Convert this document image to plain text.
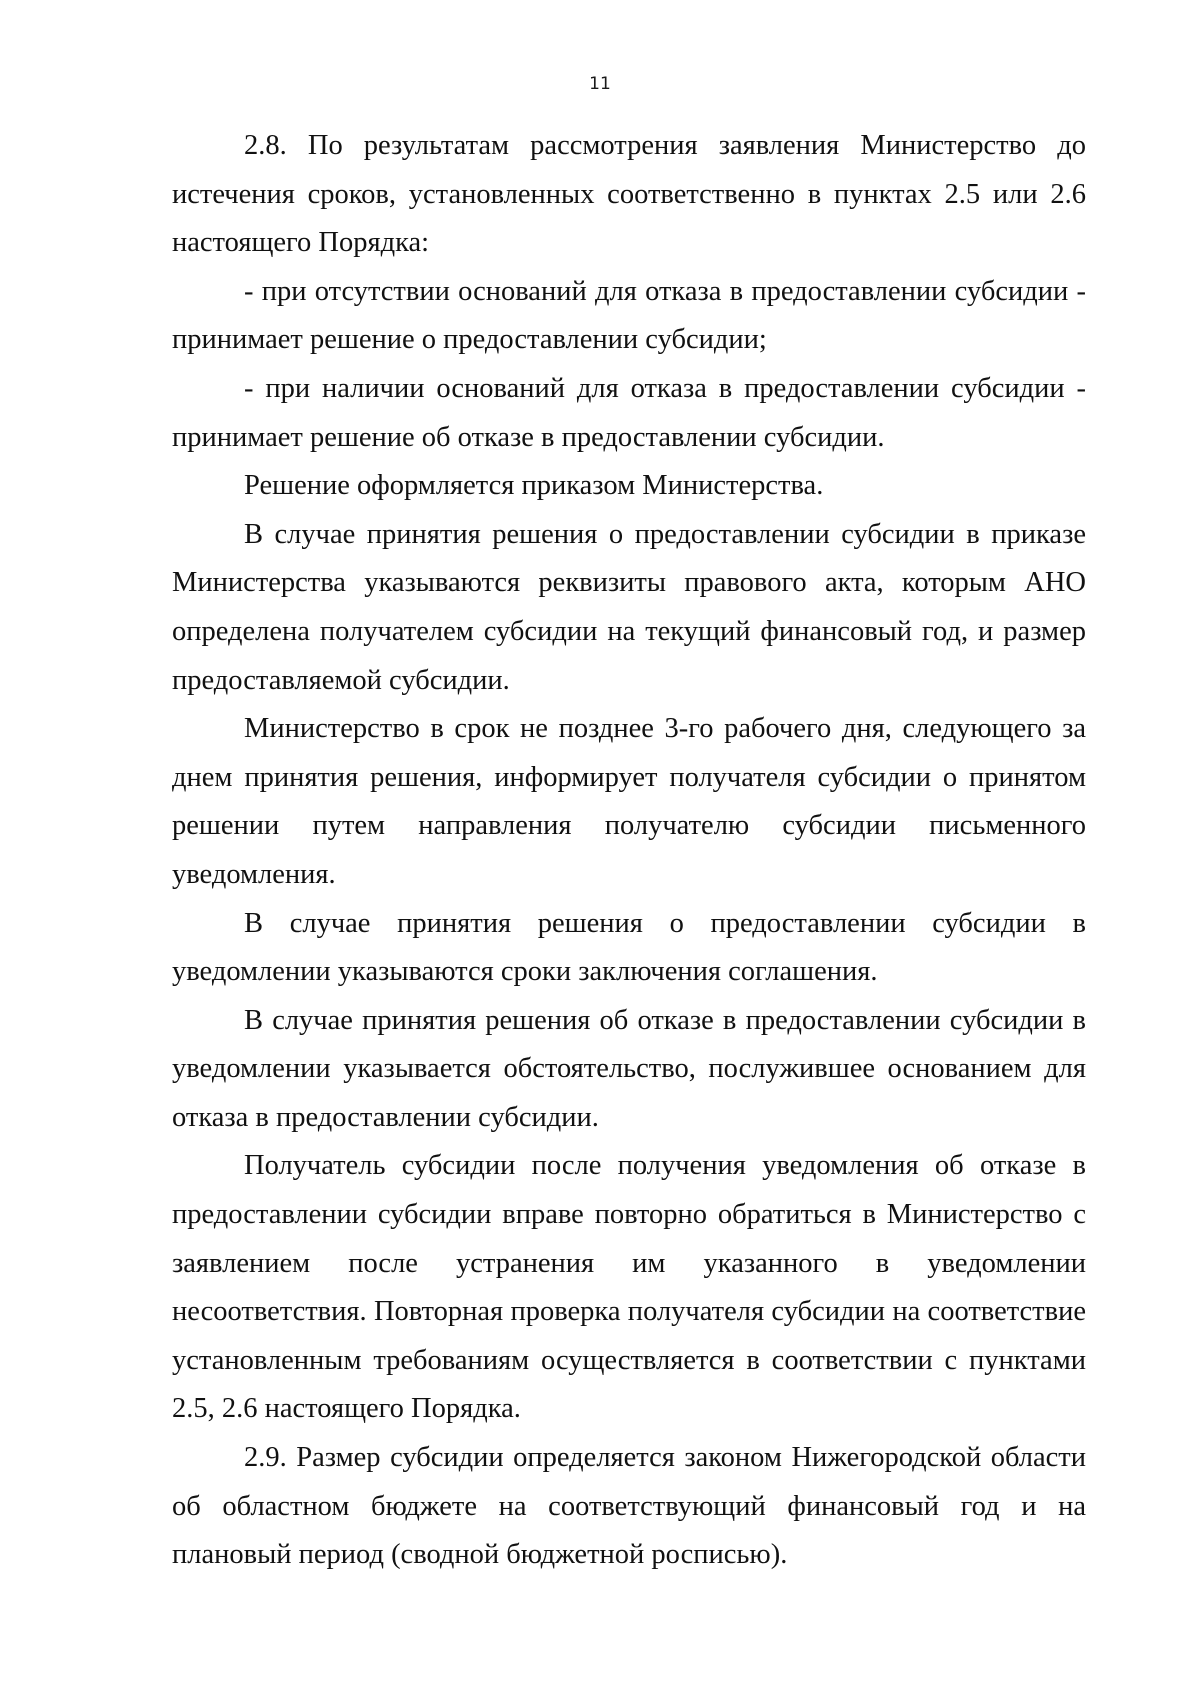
11

2.8. По результатам рассмотрения заявления Министерство до истечения сроков, установленных соответственно в пунктах 2.5 или 2.6 настоящего Порядка:

- при отсутствии оснований для отказа в предоставлении субсидии - принимает решение о предоставлении субсидии;

- при наличии оснований для отказа в предоставлении субсидии - принимает решение об отказе в предоставлении субсидии.

Решение оформляется приказом Министерства.

В случае принятия решения о предоставлении субсидии в приказе Министерства указываются реквизиты правового акта, которым АНО определена получателем субсидии на текущий финансовый год, и размер предоставляемой субсидии.

Министерство в срок не позднее 3-го рабочего дня, следующего за днем принятия решения, информирует получателя субсидии о принятом решении путем направления получателю субсидии письменного уведомления.

В случае принятия решения о предоставлении субсидии в уведомлении указываются сроки заключения соглашения.

В случае принятия решения об отказе в предоставлении субсидии в уведомлении указывается обстоятельство, послужившее основанием для отказа в предоставлении субсидии.

Получатель субсидии после получения уведомления об отказе в предоставлении субсидии вправе повторно обратиться в Министерство с заявлением после устранения им указанного в уведомлении несоответствия. Повторная проверка получателя субсидии на соответствие установленным требованиям осуществляется в соответствии с пунктами 2.5, 2.6 настоящего Порядка.

2.9. Размер субсидии определяется законом Нижегородской области об областном бюджете на соответствующий финансовый год и на плановый период (сводной бюджетной росписью).
